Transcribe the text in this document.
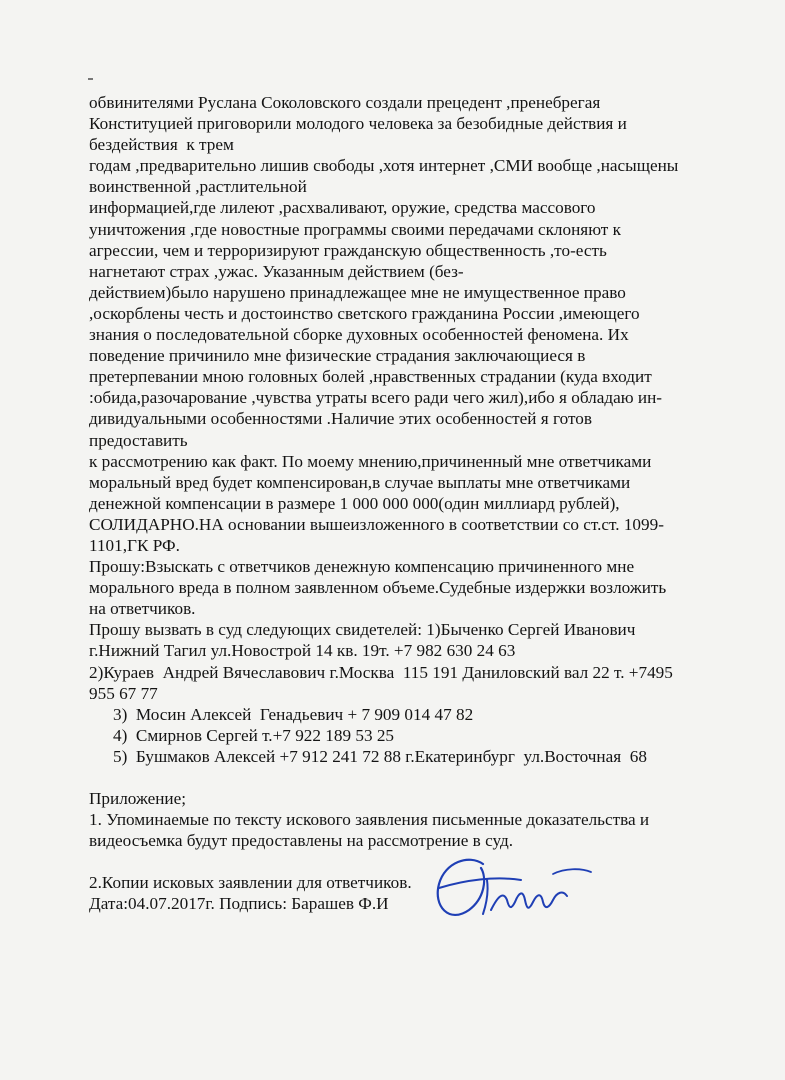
обвинителями Руслана Соколовского создали прецедент ,пренебрегая
Конституцией приговорили молодого человека за безобидные действия и
бездействия  к трем
годам ,предварительно лишив свободы ,хотя интернет ,СМИ вообще ,насыщены
воинственной ,растлительной
информацией,где лилеют ,расхваливают, оружие, средства массового
уничтожения ,где новостные программы своими передачами склоняют к
агрессии, чем и терроризируют гражданскую общественность ,то-есть
нагнетают страх ,ужас. Указанным действием (без-
действием)было нарушено принадлежащее мне не имущественное право
,оскорблены честь и достоинство светского гражданина России ,имеющего
знания о последовательной сборке духовных особенностей феномена. Их
поведение причинило мне физические страдания заключающиеся в
претерпевании мною головных болей ,нравственных страдании (куда входит
:обида,разочарование ,чувства утраты всего ради чего жил),ибо я обладаю ин-
дивидуальными особенностями .Наличие этих особенностей я готов
предоставить
к рассмотрению как факт. По моему мнению,причиненный мне ответчиками
моральный вред будет компенсирован,в случае выплаты мне ответчиками
денежной компенсации в размере 1 000 000 000(один миллиард рублей),
СОЛИДАРНО.НА основании вышеизложенного в соответствии со ст.ст. 1099-
1101,ГК РФ.
Прошу:Взыскать с ответчиков денежную компенсацию причиненного мне
морального вреда в полном заявленном объеме.Судебные издержки возложить
на ответчиков.
Прошу вызвать в суд следующих свидетелей: 1)Быченко Сергей Иванович
г.Нижний Тагил ул.Новострой 14 кв. 19т. +7 982 630 24 63
2)Кураев  Андрей Вячеславович г.Москва  115 191 Даниловский вал 22 т. +7495
955 67 77
3)  Мосин Алексей  Генадьевич + 7 909 014 47 82
4)  Смирнов Сергей т.+7 922 189 53 25
5)  Бушмаков Алексей +7 912 241 72 88 г.Екатеринбург  ул.Восточная  68
Приложение;
1. Упоминаемые по тексту искового заявления письменные доказательства и
видеосъемка будут предоставлены на рассмотрение в суд.
2.Копии исковых заявлении для ответчиков.
Дата:04.07.2017г. Подпись: Барашев Ф.И
